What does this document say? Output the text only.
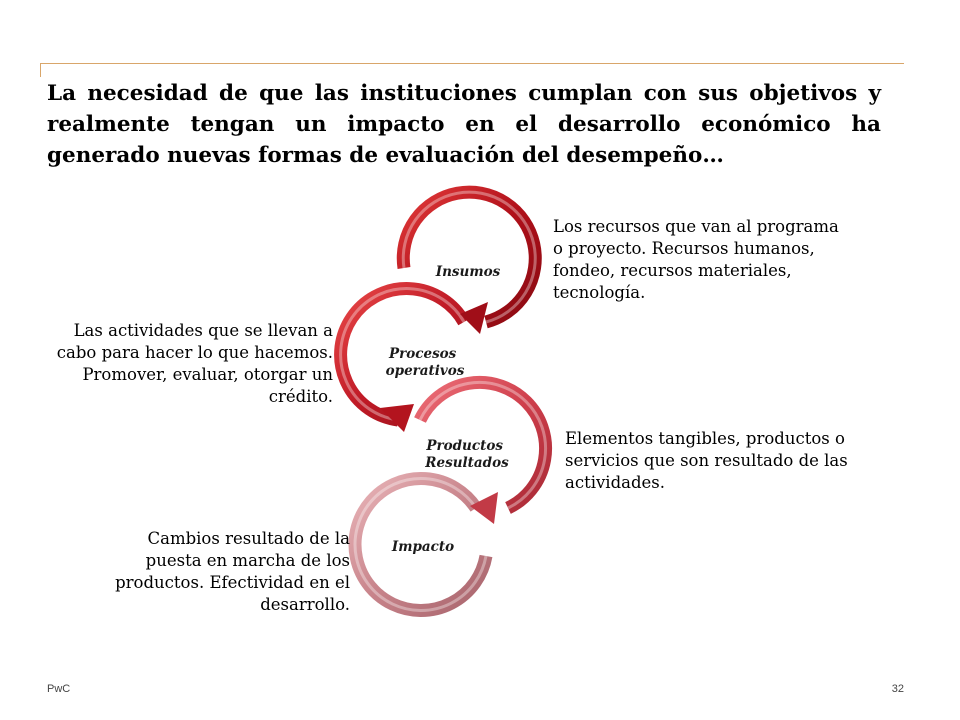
La necesidad de que las instituciones cumplan con sus objetivos y realmente tengan un impacto en el desarrollo económico ha generado nuevas formas de evaluación del desempeño…

Insumos
Procesos operativos
Productos Resultados
Impacto

Los recursos que van al programa o proyecto. Recursos humanos, fondeo, recursos materiales, tecnología.

Las actividades que se llevan a cabo para hacer lo que hacemos. Promover, evaluar, otorgar un crédito.

Elementos tangibles, productos o servicios que son resultado de las actividades.

Cambios resultado de la puesta en marcha de los productos. Efectividad en el desarrollo.

PwC	32
